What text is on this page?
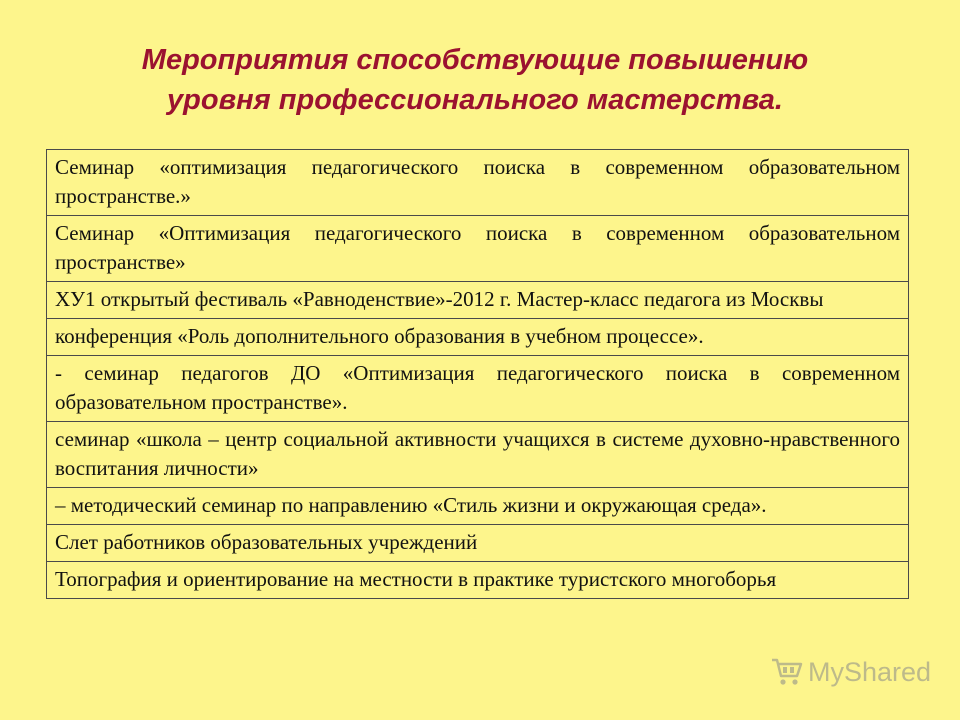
Мероприятия способствующие повышению
уровня профессионального мастерства.
Семинар «оптимизация педагогического поиска в современном образовательном пространстве.»
Семинар «Оптимизация педагогического поиска в современном образовательном пространстве»
ХУ1 открытый фестиваль «Равноденствие»-2012 г. Мастер-класс педагога из Москвы
конференция «Роль дополнительного образования в учебном процессе».
- семинар педагогов ДО «Оптимизация педагогического поиска в современном образовательном пространстве».
семинар «школа – центр социальной активности учащихся в системе духовно-нравственного воспитания личности»
– методический семинар по направлению «Стиль жизни и окружающая среда».
Слет работников образовательных учреждений
Топография и ориентирование на местности в практике туристского многоборья
MyShared
